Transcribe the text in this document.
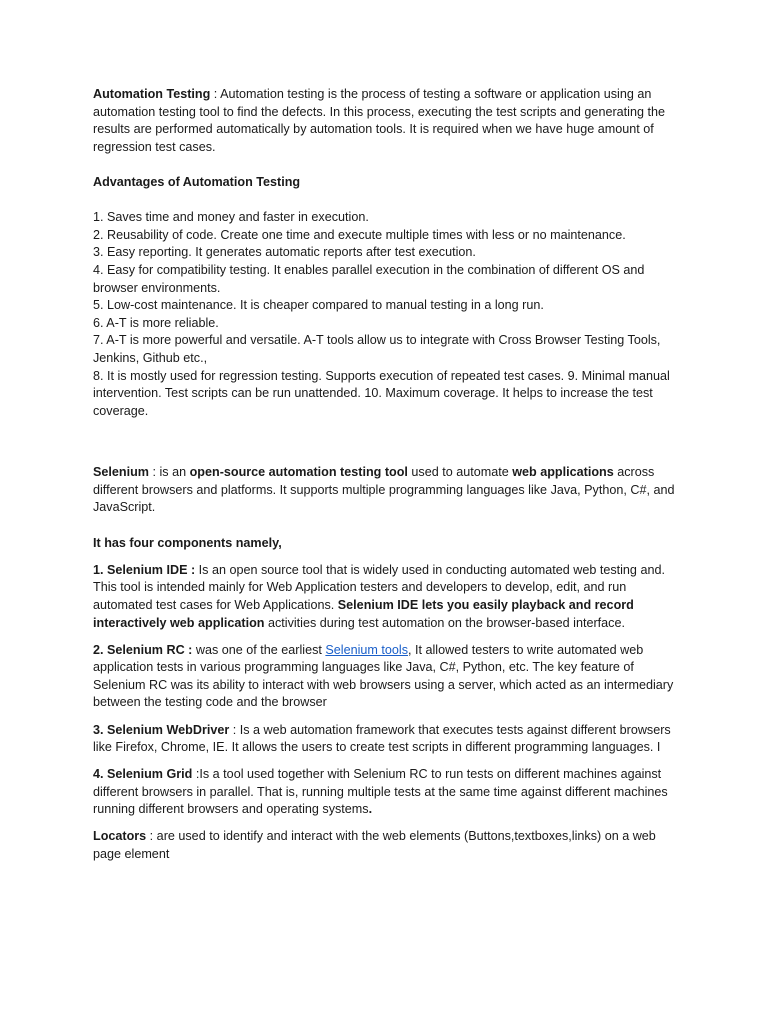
Automation Testing : Automation testing is the process of testing a software or application using an automation testing tool to find the defects. In this process, executing the test scripts and generating the results are performed automatically by automation tools. It is required when we have huge amount of regression test cases.

Advantages of Automation Testing

1. Saves time and money and faster in execution.

2. Reusability of code. Create one time and execute multiple times with less or no maintenance.

3. Easy reporting. It generates automatic reports after test execution.

4. Easy for compatibility testing. It enables parallel execution in the combination of different OS and browser environments.

5. Low-cost maintenance. It is cheaper compared to manual testing in a long run.

6. A-T is more reliable.

7. A-T is more powerful and versatile. A-T tools allow us to integrate with Cross Browser Testing Tools, Jenkins, Github etc.,

8. It is mostly used for regression testing. Supports execution of repeated test cases. 9. Minimal manual intervention. Test scripts can be run unattended. 10. Maximum coverage. It helps to increase the test coverage.

Selenium : is an open-source automation testing tool used to automate web applications across different browsers and platforms. It supports multiple programming languages like Java, Python, C#, and JavaScript.

It has four components namely,

1. Selenium IDE : Is an open source tool that is widely used in conducting automated web testing and. This tool is intended mainly for Web Application testers and developers to develop, edit, and run automated test cases for Web Applications. Selenium IDE lets you easily playback and record interactively web application activities during test automation on the browser-based interface.

2. Selenium RC : was one of the earliest Selenium tools, It allowed testers to write automated web application tests in various programming languages like Java, C#, Python, etc. The key feature of Selenium RC was its ability to interact with web browsers using a server, which acted as an intermediary between the testing code and the browser

3. Selenium WebDriver : Is a web automation framework that executes tests against different browsers like Firefox, Chrome, IE. It allows the users to create test scripts in different programming languages. I

4. Selenium Grid :Is a tool used together with Selenium RC to run tests on different machines against different browsers in parallel. That is, running multiple tests at the same time against different machines running different browsers and operating systems.

Locators : are used to identify and interact with the web elements (Buttons,textboxes,links) on a web page element
